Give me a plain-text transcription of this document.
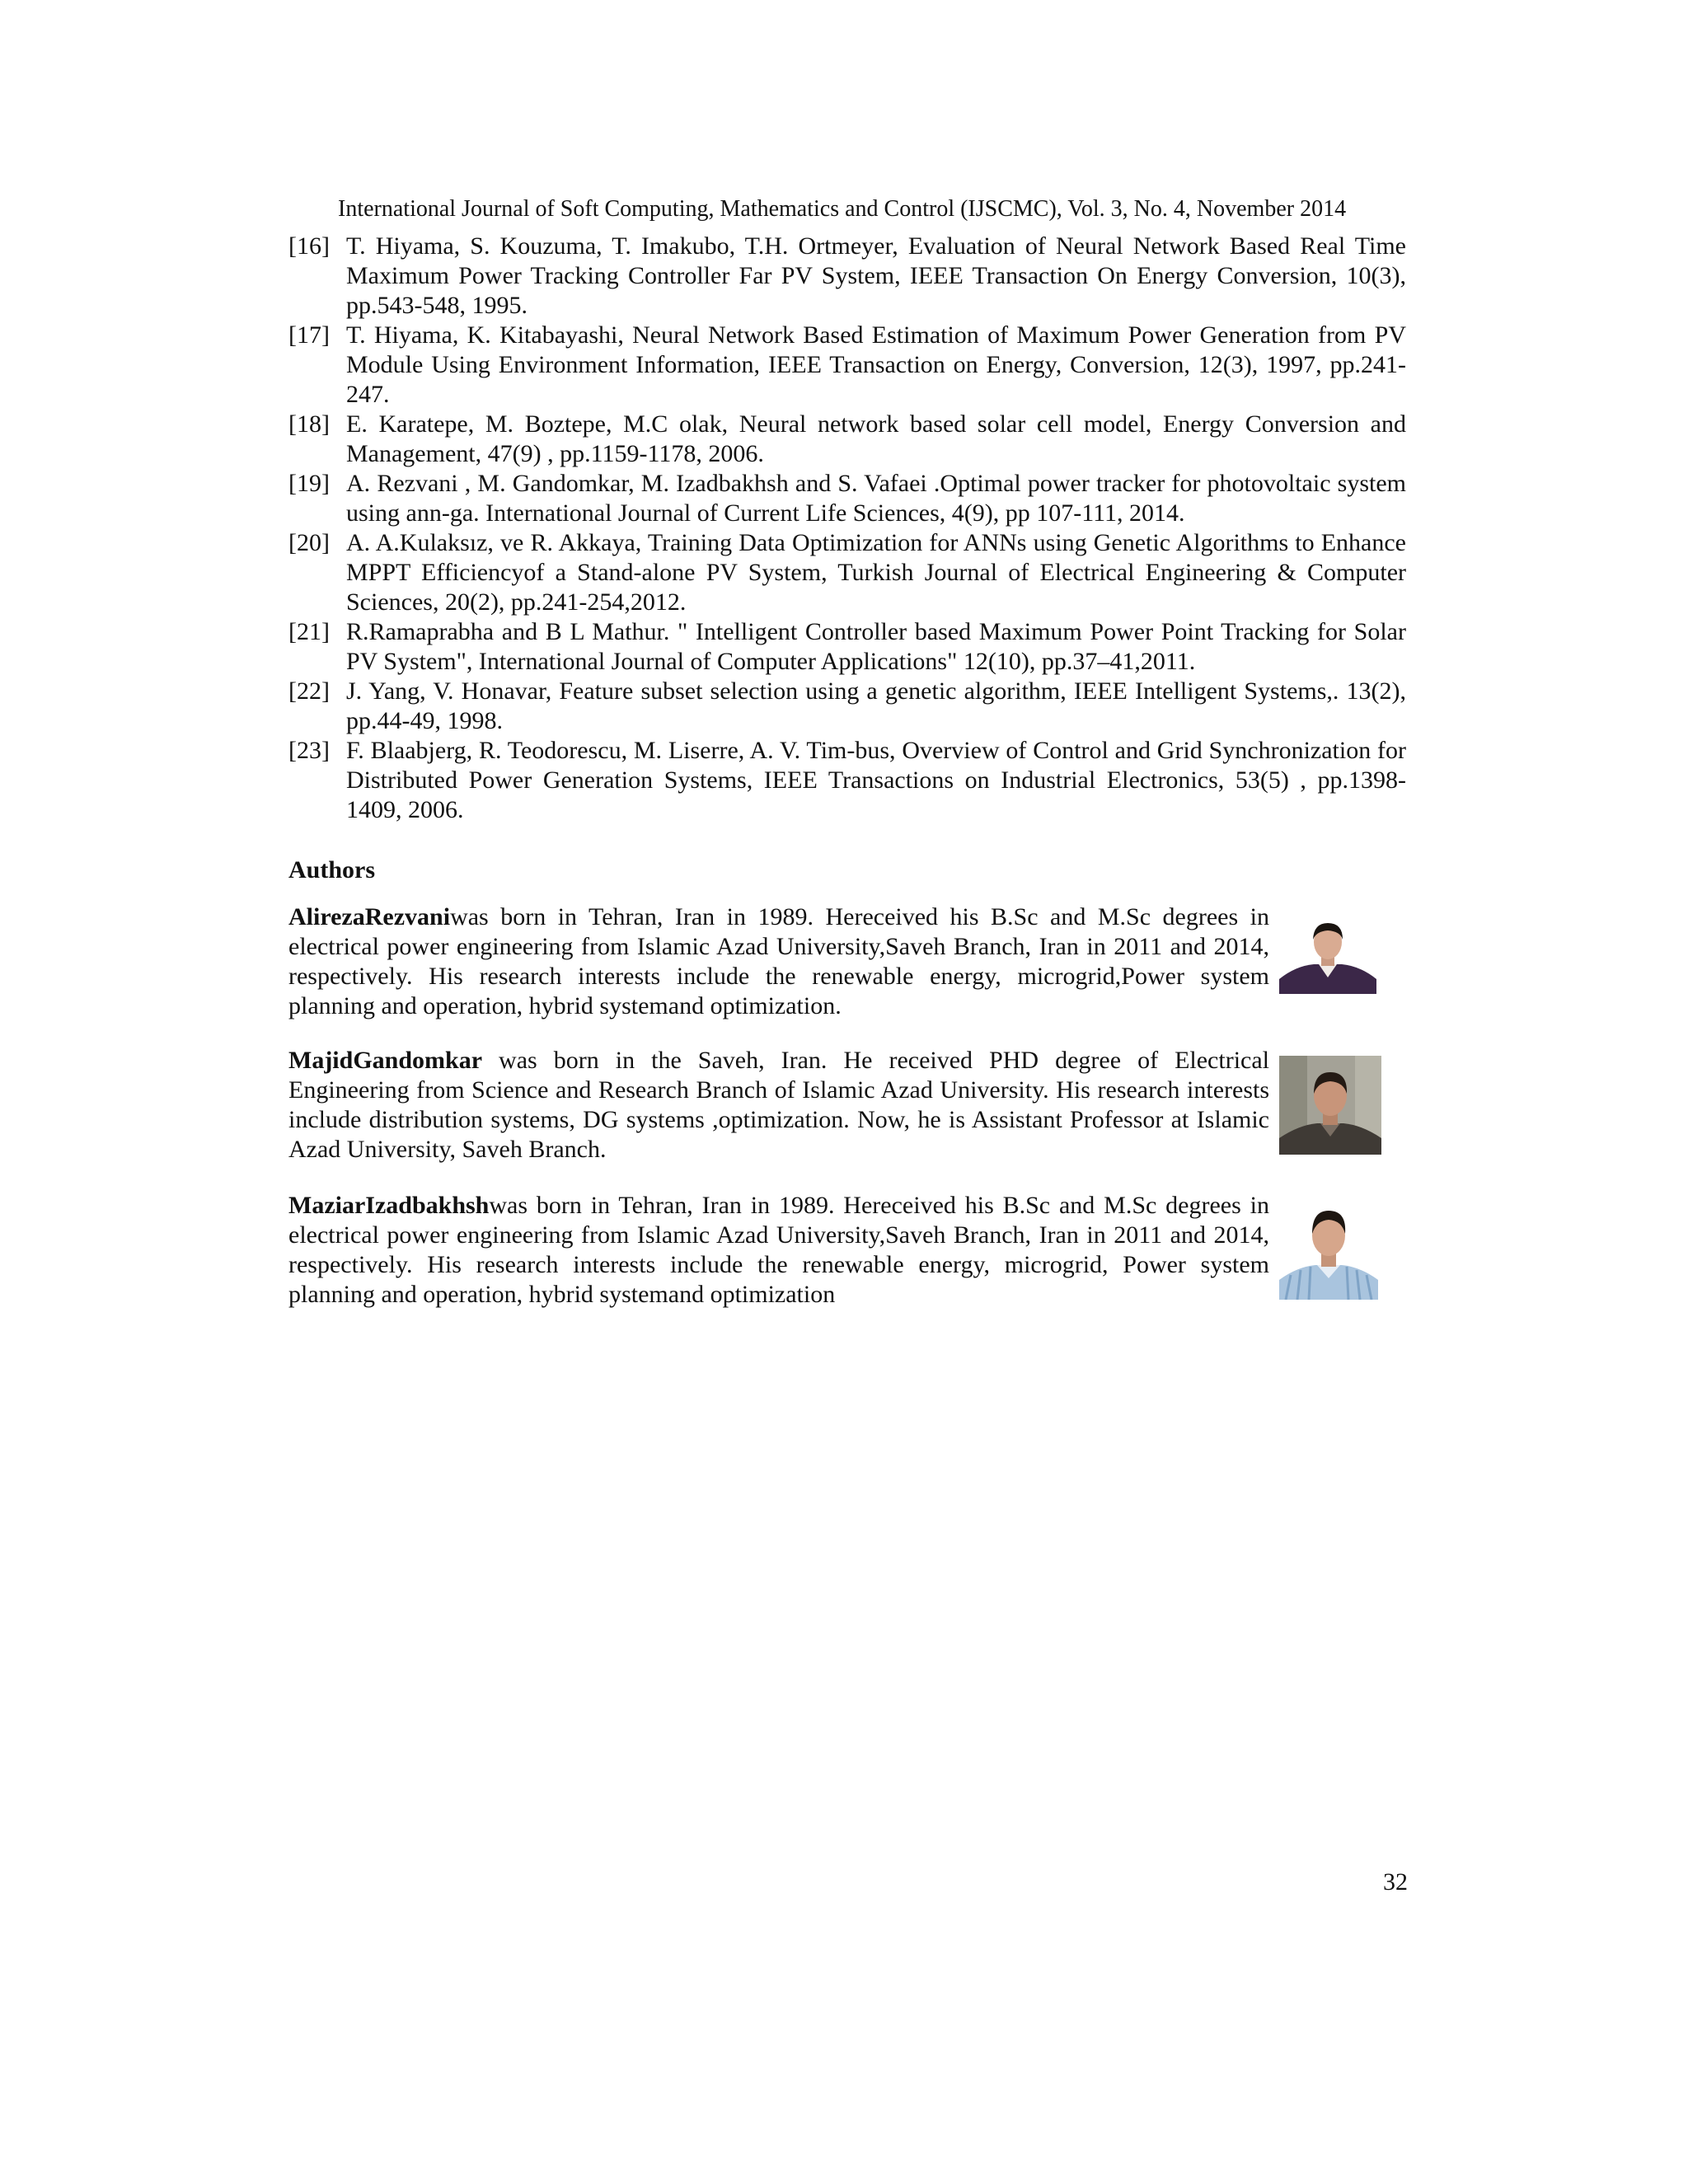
International Journal of Soft Computing, Mathematics and Control (IJSCMC), Vol. 3, No. 4, November 2014
[16] T. Hiyama, S. Kouzuma, T. Imakubo, T.H. Ortmeyer, Evaluation of Neural Network Based Real Time Maximum Power Tracking Controller Far PV System, IEEE Transaction On Energy Conversion, 10(3), pp.543-548, 1995.
[17] T. Hiyama, K. Kitabayashi, Neural Network Based Estimation of Maximum Power Generation from PV Module Using Environment Information, IEEE Transaction on Energy, Conversion, 12(3), 1997, pp.241-247.
[18] E. Karatepe, M. Boztepe, M.C olak, Neural network based solar cell model, Energy Conversion and Management, 47(9) , pp.1159-1178, 2006.
[19] A. Rezvani , M. Gandomkar, M. Izadbakhsh and S. Vafaei .Optimal power tracker for photovoltaic system using ann-ga. International Journal of Current Life Sciences, 4(9), pp 107-111, 2014.
[20] A. A.Kulaksız, ve R. Akkaya, Training Data Optimization for ANNs using Genetic Algorithms to Enhance MPPT Efficiencyof a Stand-alone PV System, Turkish Journal of Electrical Engineering & Computer Sciences, 20(2), pp.241-254,2012.
[21] R.Ramaprabha and B L Mathur. " Intelligent Controller based Maximum Power Point Tracking for Solar PV System", International Journal of Computer Applications" 12(10), pp.37–41,2011.
[22] J. Yang, V. Honavar, Feature subset selection using a genetic algorithm, IEEE Intelligent Systems,. 13(2), pp.44-49, 1998.
[23] F. Blaabjerg, R. Teodorescu, M. Liserre, A. V. Tim-bus, Overview of Control and Grid Synchronization for Distributed Power Generation Systems, IEEE Transactions on Industrial Electronics, 53(5) , pp.1398-1409, 2006.
Authors
AlirezaRezvaniwas born in Tehran, Iran in 1989. Hereceived his B.Sc and M.Sc degrees in electrical power engineering from Islamic Azad University,Saveh Branch, Iran in 2011 and 2014, respectively. His research interests include the renewable energy, microgrid,Power system planning and operation, hybrid systemand optimization.
MajidGandomkar was born in the Saveh, Iran. He received PHD degree of Electrical Engineering from Science and Research Branch of Islamic Azad University. His research interests include distribution systems, DG systems ,optimization. Now, he is Assistant Professor at Islamic Azad University, Saveh Branch.
MaziarIzadbakhshwas born in Tehran, Iran in 1989. Hereceived his B.Sc and M.Sc degrees in electrical power engineering from Islamic Azad University,Saveh Branch, Iran in 2011 and 2014, respectively. His research interests include the renewable energy, microgrid, Power system planning and operation, hybrid systemand optimization
32
